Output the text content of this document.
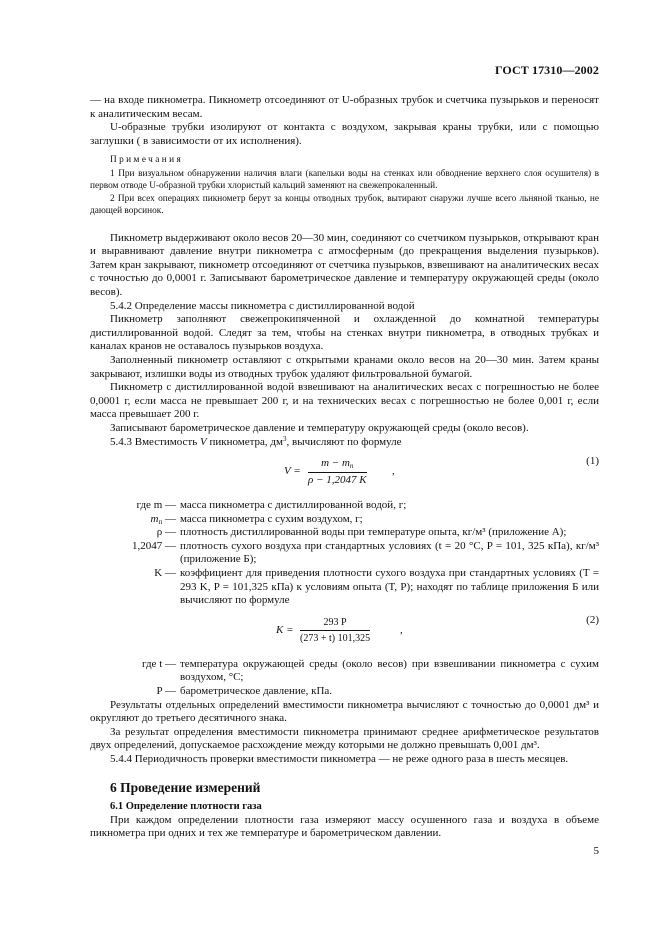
ГОСТ 17310—2002

— на входе пикнометра. Пикнометр отсоединяют от U-образных трубок и счетчика пузырьков и переносят к аналитическим весам.

U-образные трубки изолируют от контакта с воздухом, закрывая краны трубки, или с помощью заглушки ( в зависимости от их исполнения).

Примечания

1 При визуальном обнаружении наличия влаги (капельки воды на стенках или обводнение верхнего слоя осушителя) в первом отводе U-образной трубки хлористый кальций заменяют на свежепрокаленный.

2 При всех операциях пикнометр берут за концы отводных трубок, вытирают снаружи лучше всего льняной тканью, не дающей ворсинок.

Пикнометр выдерживают около весов 20—30 мин, соединяют со счетчиком пузырьков, открывают кран и выравнивают давление внутри пикнометра с атмосферным (до прекращения выделения пузырьков). Затем кран закрывают, пикнометр отсоединяют от счетчика пузырьков, взвешивают на аналитических весах с точностью до 0,0001 г. Записывают барометрическое давление и температуру окружающей среды (около весов).

5.4.2 Определение массы пикнометра с дистиллированной водой

Пикнометр заполняют свежепрокипяченной и охлажденной до комнатной температуры дистиллированной водой. Следят за тем, чтобы на стенках внутри пикнометра, в отводных трубках и каналах кранов не оставалось пузырьков воздуха.

Заполненный пикнометр оставляют с открытыми кранами около весов на 20—30 мин. Затем краны закрывают, излишки воды из отводных трубок удаляют фильтровальной бумагой.

Пикнометр с дистиллированной водой взвешивают на аналитических весах с погрешностью не более 0,0001 г, если масса не превышает 200 г, и на технических весах с погрешностью не более 0,001 г, если масса превышает 200 г.

Записывают барометрическое давление и температуру окружающей среды (около весов).

5.4.3 Вместимость V пикнометра, $дм^3$, вычисляют по формуле

V =
$m - m_п$
ρ − 1,2047 K
,
(1)
где m —	масса пикнометра с дистиллированной водой, г;
$m_п$ —	масса пикнометра с сухим воздухом, г;
ρ —	плотность дистиллированной воды при температуре опыта, кг/м³ (приложение А);
1,2047 —	плотность сухого воздуха при стандартных условиях (t = 20 °C, P = 101, 325 кПа), кг/м³ (приложение Б);
K —	коэффициент для приведения плотности сухого воздуха при стандартных условиях (T = 293 K, P = 101,325 кПа) к условиям опыта (T, P); находят по таблице приложения Б или вычисляют по формуле
$K = \frac{293 P}{(273 + t) 101,325}$	,
(2)
где t —	температура окружающей среды (около весов) при взвешивании пикнометра с сухим воздухом, °C;
P —	барометрическое давление, кПа.

Результаты отдельных определений вместимости пикнометра вычисляют с точностью до 0,0001 дм³ и округляют до третьего десятичного знака.

За результат определения вместимости пикнометра принимают среднее арифметическое результатов двух определений, допускаемое расхождение между которыми не должно превышать 0,001 дм³.

5.4.4 Периодичность проверки вместимости пикнометра — не реже одного раза в шесть месяцев.

6 Проведение измерений

6.1 Определение плотности газа

При каждом определении плотности газа измеряют массу осушенного газа и воздуха в объеме пикнометра при одних и тех же температуре и барометрическом давлении.

5
